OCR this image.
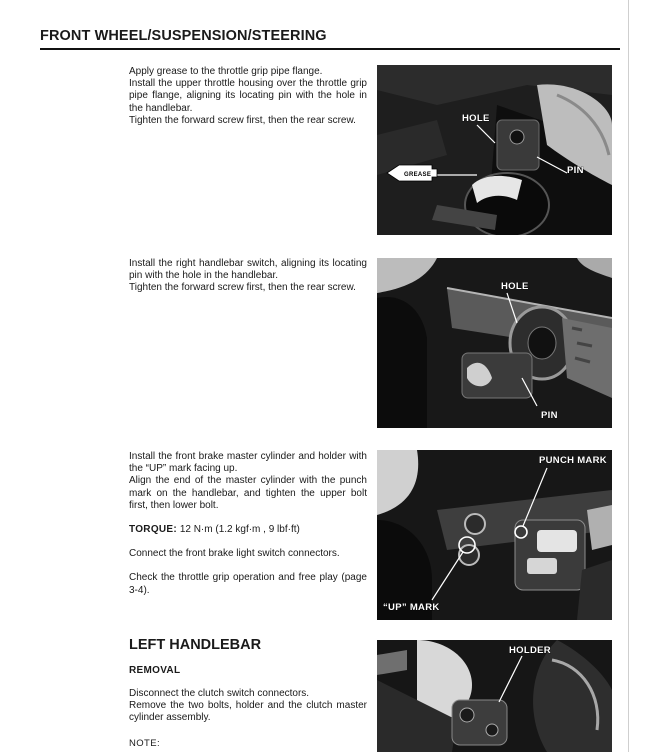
FRONT WHEEL/SUSPENSION/STEERING

Apply grease to the throttle grip pipe flange.

Install the upper throttle housing over the throttle grip pipe flange, aligning its locating pin with the hole in the handlebar.

Tighten the forward screw first, then the rear screw.

Install the right handlebar switch, aligning its locating pin with the hole in the handlebar.

Tighten the forward screw first, then the rear screw.

Install the front brake master cylinder and holder with the “UP” mark facing up.

Align the end of the master cylinder with the punch mark on the handlebar, and tighten the upper bolt first, then lower bolt.

TORQUE: 12 N·m (1.2 kgf·m , 9 lbf·ft)

Connect the front brake light switch connectors.

Check the throttle grip operation and free play (page 3-4).

LEFT HANDLEBAR
REMOVAL

Disconnect the clutch switch connectors.

Remove the two bolts, holder and the clutch master cylinder assembly.

NOTE:
GREASE
HOLE
PIN
HOLE
PIN
PUNCH MARK
“UP” MARK
HOLDER
